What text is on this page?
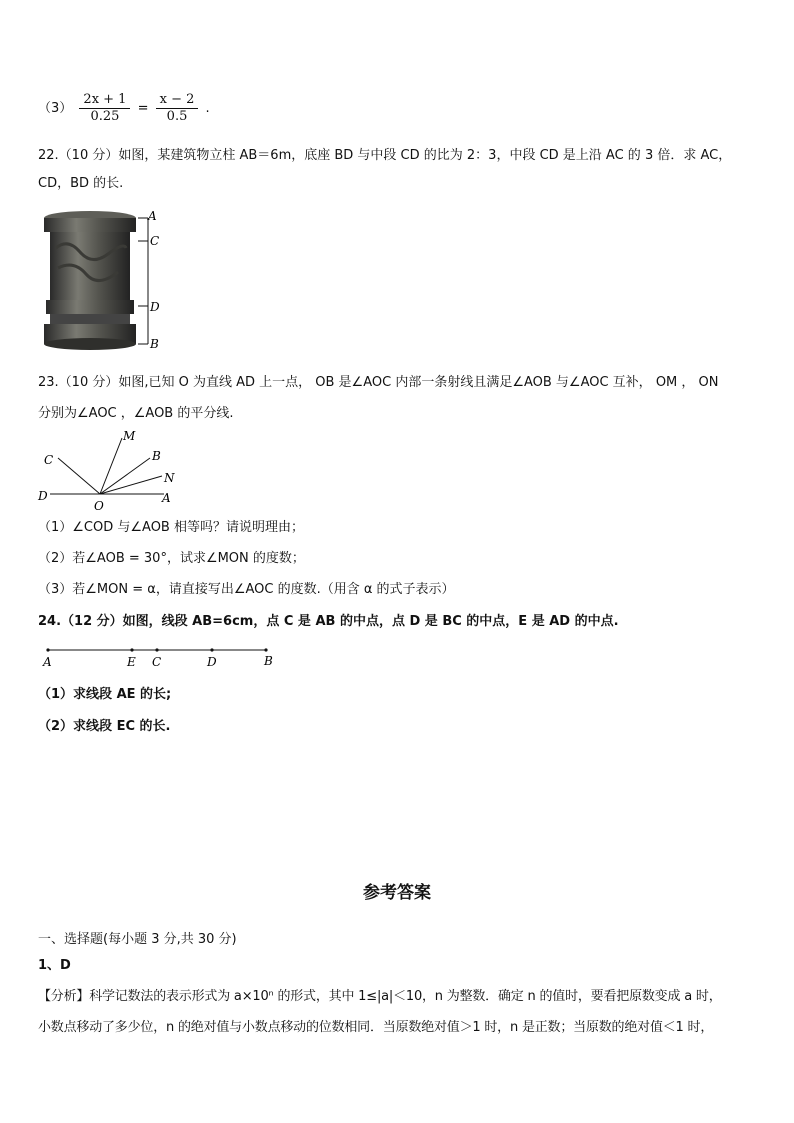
$(3) \frac{2x + 1}{0.25} = \frac{x - 2}{0.5}$ .
22.（10 分）如图，某建筑物立柱 AB＝6m，底座 BD 与中段 CD 的比为 2：3，中段 CD 是上沿 AC 的 3 倍．求 AC，
CD，BD 的长.
A
C
D
B
23.（10 分）如图,已知 O 为直线 AD 上一点， OB 是∠AOC 内部一条射线且满足∠AOB 与∠AOC 互补， OM ， ON
分别为∠AOC ，∠AOB 的平分线.
C
M
B
N
D
O
A
（1）∠COD 与∠AOB 相等吗？请说明理由；
（2）若∠AOB = 30°，试求∠MON 的度数；
（3）若∠MON = α，请直接写出∠AOC 的度数.（用含 α 的式子表示）
24.（12 分）如图，线段 AB=6cm，点 C 是 AB 的中点，点 D 是 BC 的中点，E 是 AD 的中点.
A	E C	D	B
（1）求线段 AE 的长;
（2）求线段 EC 的长.
参考答案
一、选择题(每小题 3 分,共 30 分)
1、D
【分析】科学记数法的表示形式为 a×10ⁿ 的形式，其中 1≤|a|＜10，n 为整数．确定 n 的值时，要看把原数变成 a 时，
小数点移动了多少位，n 的绝对值与小数点移动的位数相同．当原数绝对值＞1 时，n 是正数；当原数的绝对值＜1 时，
